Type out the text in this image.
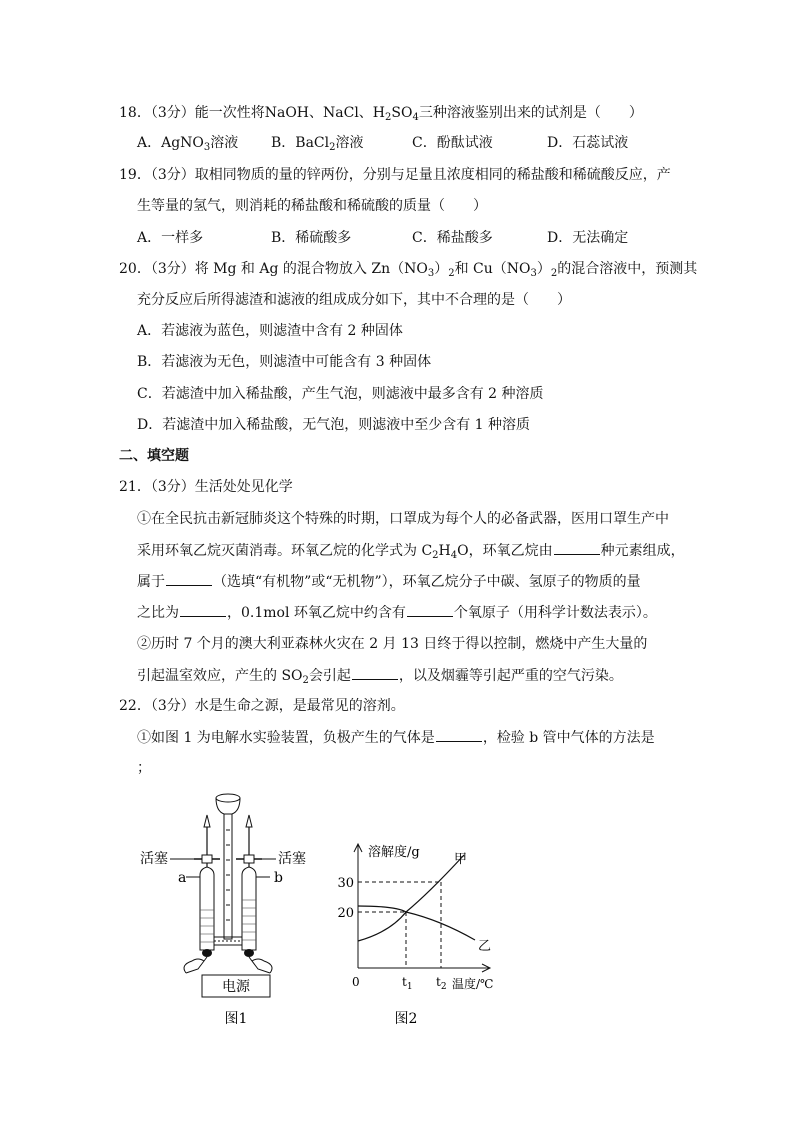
18．（3分）能一次性将NaOH、NaCl、$H_2SO_4$三种溶液鉴别出来的试剂是（　　）
A．AgNO$_3$溶液 B．BaCl$_2$溶液	C．酚酞试液	D．石蕊试液
19．（3分）取相同物质的量的锌两份，分别与足量且浓度相同的稀盐酸和稀硫酸反应，产
生等量的氢气，则消耗的稀盐酸和稀硫酸的质量（　　）
A．一样多	B．稀硫酸多	C．稀盐酸多	D．无法确定
20．（3分）将 Mg 和 Ag 的混合物放入 $Zn(NO_3)_2$和 $Cu(NO_3)_2$的混合溶液中，预测其
充分反应后所得滤渣和滤液的组成成分如下，其中不合理的是（　　）
A．若滤液为蓝色，则滤渣中含有 2 种固体
B．若滤液为无色，则滤渣中可能含有 3 种固体
C．若滤渣中加入稀盐酸，产生气泡，则滤液中最多含有 2 种溶质
D．若滤渣中加入稀盐酸，无气泡，则滤液中至少含有 1 种溶质
二、填空题
21．（3分）生活处处见化学
①在全民抗击新冠肺炎这个特殊的时期，口罩成为每个人的必备武器，医用口罩生产中
采用环氧乙烷灭菌消毒。环氧乙烷的化学式为 $C_2H_4O$，环氧乙烷由	种元素组成，
属于	（选填“有机物”或“无机物”），环氧乙烷分子中碳、氢原子的物质的量
之比为	，0.1mol 环氧乙烷中约含有	个氧原子（用科学计数法表示）。
②历时 7 个月的澳大利亚森林火灾在 2 月 13 日终于得以控制，燃烧中产生大量的
引起温室效应，产生的 $SO_2$会引起	，以及烟霾等引起严重的空气污染。
22．（3分）水是生命之源，是最常见的溶剂。
①如图 1 为电解水实验装置，负极产生的气体是	，检验 b 管中气体的方法是
；
电源
活塞	活塞
a	b
图1
溶解度/g	甲
30
20
乙
0	$t_1$ $t_2$ 温度/℃
图2
